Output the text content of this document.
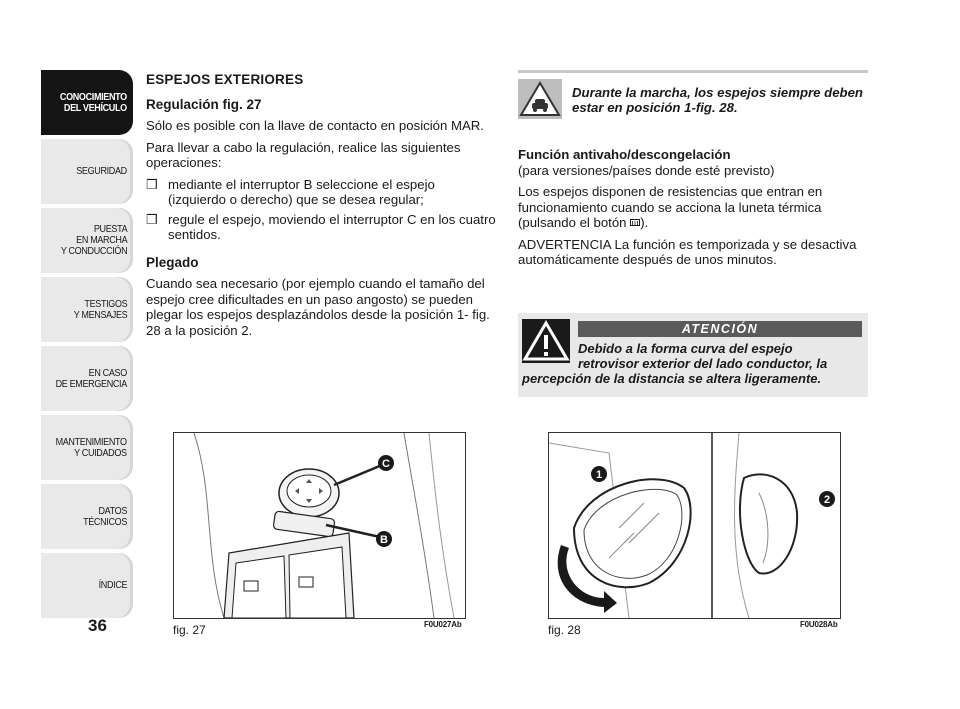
CONOCIMIENTO
DEL VEHÍCULO
SEGURIDAD
PUESTA
EN MARCHA
Y CONDUCCIÓN
TESTIGOS
Y MENSAJES
EN CASO
DE EMERGENCIA
MANTENIMIENTO
Y CUIDADOS
DATOS TÉCNICOS
ÍNDICE
36

ESPEJOS EXTERIORES

Regulación fig. 27

Sólo es posible con la llave de contacto en posición MAR.

Para llevar a cabo la regulación, realice las siguientes operaciones:

❒ mediante el interruptor B seleccione el espejo (izquierdo o derecho) que se desea regular;
❒ regule el espejo, moviendo el interruptor C en los cuatro sentidos.

Plegado

Cuando sea necesario (por ejemplo cuando el tamaño del espejo cree dificultades en un paso angosto) se pueden plegar los espejos desplazándolos desde la posición 1- fig. 28 a la posición 2.

Durante la marcha, los espejos siempre deben estar en posición 1-fig. 28.

Función antivaho/descongelación

(para versiones/países donde esté previsto)

Los espejos disponen de resistencias que entran en funcionamiento cuando se acciona la luneta térmica (pulsando el botón ).

ADVERTENCIA La función es temporizada y se desactiva automáticamente después de unos minutos.

ATENCIÓN
Debido a la forma curva del espejo
retrovisor exterior del lado conductor, la
percepción de la distancia se altera ligeramente.
C
B
fig. 27	F0U027Ab
1
2
fig. 28	F0U028Ab
